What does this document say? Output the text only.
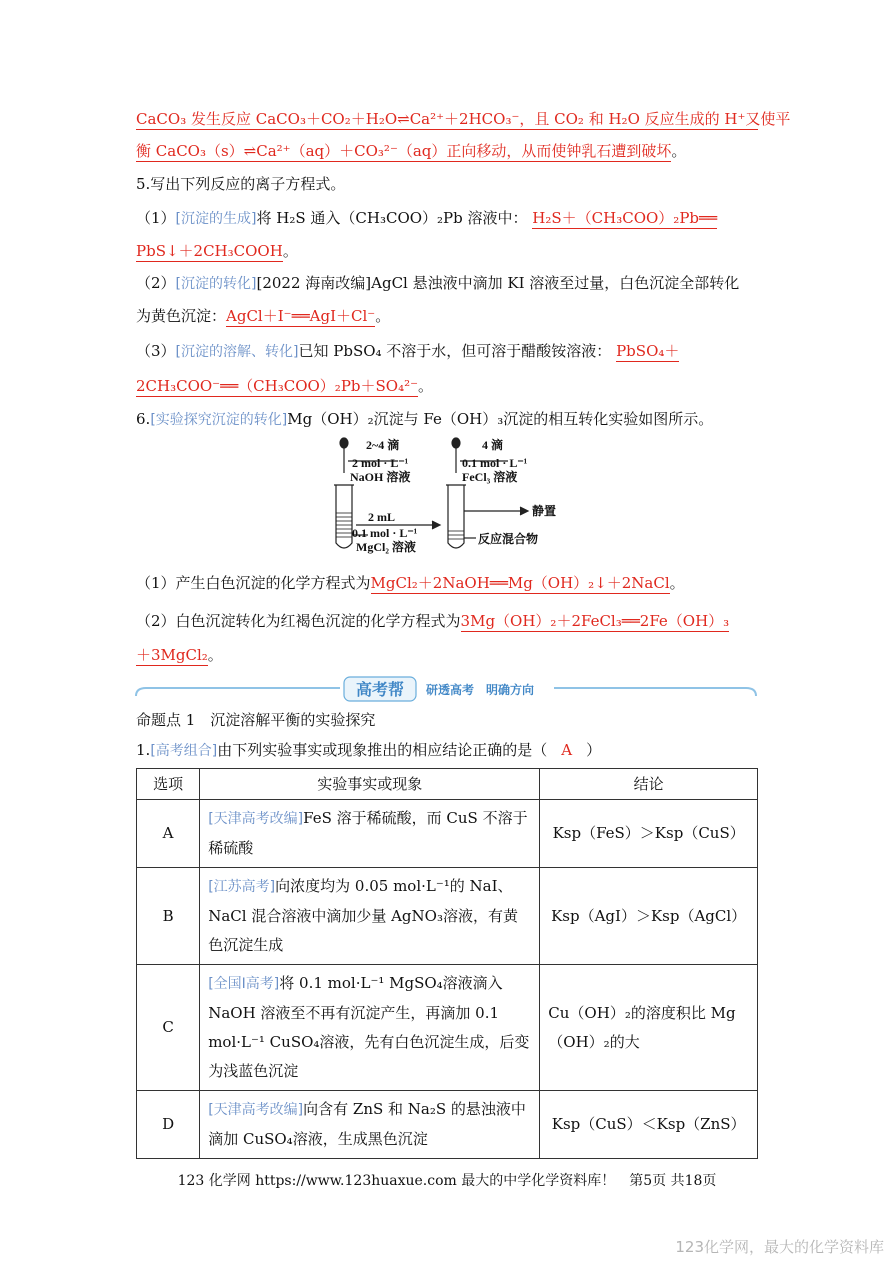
CaCO₃ 发生反应 CaCO₃＋CO₂＋H₂O⇌Ca²⁺＋2HCO₃⁻，且 CO₂ 和 H₂O 反应生成的 H⁺又使平
衡 CaCO₃（s）⇌Ca²⁺（aq）＋CO₃²⁻（aq）正向移动，从而使钟乳石遭到破坏。
5.写出下列反应的离子方程式。
（1）[沉淀的生成]将 H₂S 通入（CH₃COO）₂Pb 溶液中： H₂S＋（CH₃COO）₂Pb══
PbS↓＋2CH₃COOH。
（2）[沉淀的转化][2022 海南改编]AgCl 悬浊液中滴加 KI 溶液至过量，白色沉淀全部转化
为黄色沉淀：AgCl＋I⁻══AgI＋Cl⁻。
（3）[沉淀的溶解、转化]已知 PbSO₄ 不溶于水，但可溶于醋酸铵溶液： PbSO₄＋
2CH₃COO⁻══（CH₃COO）₂Pb＋SO₄²⁻。
6.[实验探究沉淀的转化]Mg（OH）₂沉淀与 Fe（OH）₃沉淀的相互转化实验如图所示。
2~4 滴
2 mol · L⁻¹
NaOH 溶液
4 滴
0.1 mol · L⁻¹
FeCl₃ 溶液
2 mL
0.1 mol · L⁻¹
MgCl₂ 溶液
静置
反应混合物
（1）产生白色沉淀的化学方程式为MgCl₂＋2NaOH══Mg（OH）₂↓＋2NaCl。
（2）白色沉淀转化为红褐色沉淀的化学方程式为3Mg（OH）₂＋2FeCl₃══2Fe（OH）₃
＋3MgCl₂。
高考帮 研透高考　明确方向
命题点 1　沉淀溶解平衡的实验探究
1.[高考组合]由下列实验事实或现象推出的相应结论正确的是（ A ）
选项	实验事实或现象	结论
A	[天津高考改编]FeS 溶于稀硫酸，而 CuS 不溶于稀硫酸	Ksp（FeS）＞Ksp（CuS）
B	[江苏高考]向浓度均为 0.05 mol·L⁻¹的 NaI、NaCl 混合溶液中滴加少量 AgNO₃溶液，有黄色沉淀生成	Ksp（AgI）＞Ksp（AgCl）
C	[全国Ⅰ高考]将 0.1 mol·L⁻¹ MgSO₄溶液滴入 NaOH 溶液至不再有沉淀产生，再滴加 0.1 mol·L⁻¹ CuSO₄溶液，先有白色沉淀生成，后变为浅蓝色沉淀	Cu（OH）₂的溶度积比 Mg（OH）₂的大
D	[天津高考改编]向含有 ZnS 和 Na₂S 的悬浊液中滴加 CuSO₄溶液，生成黑色沉淀	Ksp（CuS）＜Ksp（ZnS）
123 化学网 https://www.123huaxue.com 最大的中学化学资料库！　第5页 共18页
123化学网，最大的化学资料库
